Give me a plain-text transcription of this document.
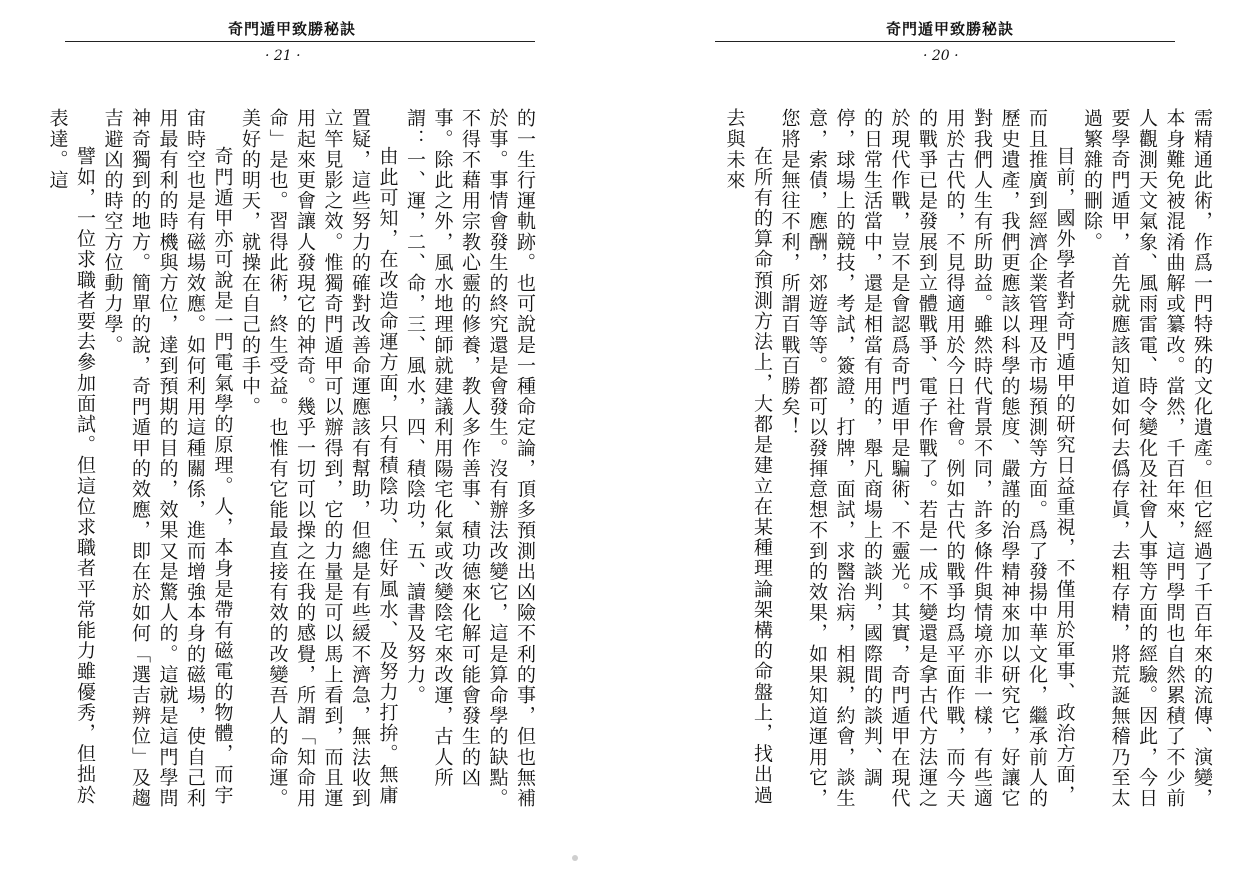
奇門遁甲致勝秘訣
· 21 ·

的一生行運軌跡。也可說是一種命定論，頂多預測出凶險不利的事，但也無補於事。事情會發生的終究還是會發生。沒有辦法改變它，這是算命學的缺點。不得不藉用宗教心靈的修養，教人多作善事、積功德來化解可能會發生的凶事。除此之外，風水地理師就建議利用陽宅化氣或改變陰宅來改運，古人所謂：一、運，二、命，三、風水，四、積陰功，五、讀書及努力。

由此可知，在改造命運方面，只有積陰功、住好風水、及努力打拚。無庸置疑，這些努力的確對改善命運應該有幫助，但總是有些緩不濟急，無法收到立竿見影之效。惟獨奇門遁甲可以辦得到，它的力量是可以馬上看到，而且運用起來更會讓人發現它的神奇。幾乎一切可以操之在我的感覺，所謂「知命用命」是也。習得此術，終生受益。也惟有它能最直接有效的改變吾人的命運。美好的明天，就操在自己的手中。

奇門遁甲亦可說是一門電氣學的原理。人，本身是帶有磁電的物體，而宇宙時空也是有磁場效應。如何利用這種關係，進而增強本身的磁場，使自己利用最有利的時機與方位，達到預期的目的，效果又是驚人的。這就是這門學問神奇獨到的地方。簡單的說，奇門遁甲的效應，即在於如何「選吉辨位」及趨吉避凶的時空方位動力學。

譬如，一位求職者要去參加面試。但這位求職者平常能力雖優秀，但拙於表達。這

奇門遁甲致勝秘訣
· 20 ·

需精通此術，作爲一門特殊的文化遺產。但它經過了千百年來的流傳、演變，本身難免被混淆曲解或纂改。當然，千百年來，這門學問也自然累積了不少前人觀測天文氣象、風雨雷電、時令變化及社會人事等方面的經驗。因此，今日要學奇門遁甲，首先就應該知道如何去僞存眞，去粗存精，將荒誕無稽乃至太過繁雜的刪除。

目前，國外學者對奇門遁甲的研究日益重視，不僅用於軍事、政治方面，而且推廣到經濟企業管理及市場預測等方面。爲了發揚中華文化，繼承前人的歷史遺產，我們更應該以科學的態度、嚴謹的治學精神來加以研究它，好讓它對我們人生有所助益。雖然時代背景不同，許多條件與情境亦非一樣，有些適用於古代的，不見得適用於今日社會。例如古代的戰爭均爲平面作戰，而今天的戰爭已是發展到立體戰爭、電子作戰了。若是一成不變還是拿古代方法運之於現代作戰，豈不是會認爲奇門遁甲是騙術、不靈光。其實，奇門遁甲在現代的日常生活當中，還是相當有用的，舉凡商場上的談判，國際間的談判、調停，球場上的競技，考試，簽證，打牌，面試，求醫治病，相親，約會，談生意，索債，應酬，郊遊等等。都可以發揮意想不到的效果，如果知道運用它，您將是無往不利，所謂百戰百勝矣！

在所有的算命預測方法上，大都是建立在某種理論架構的命盤上，找出過去與未來
